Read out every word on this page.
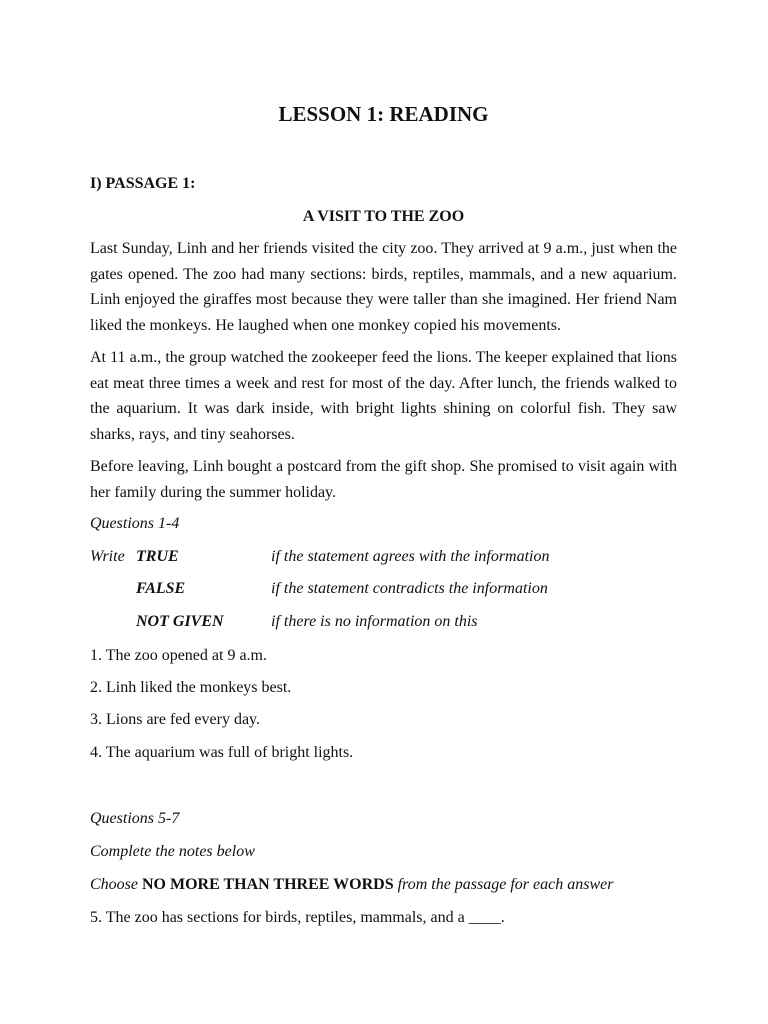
LESSON 1: READING
I) PASSAGE 1:
A VISIT TO THE ZOO
Last Sunday, Linh and her friends visited the city zoo. They arrived at 9 a.m., just when the gates opened. The zoo had many sections: birds, reptiles, mammals, and a new aquarium. Linh enjoyed the giraffes most because they were taller than she imagined. Her friend Nam liked the monkeys. He laughed when one monkey copied his movements.
At 11 a.m., the group watched the zookeeper feed the lions. The keeper explained that lions eat meat three times a week and rest for most of the day. After lunch, the friends walked to the aquarium. It was dark inside, with bright lights shining on colorful fish. They saw sharks, rays, and tiny seahorses.
Before leaving, Linh bought a postcard from the gift shop. She promised to visit again with her family during the summer holiday.
Questions 1-4
Write TRUE	if the statement agrees with the information
FALSE	if the statement contradicts the information
NOT GIVEN	if there is no information on this
1. The zoo opened at 9 a.m.
2. Linh liked the monkeys best.
3. Lions are fed every day.
4. The aquarium was full of bright lights.
Questions 5-7
Complete the notes below
Choose NO MORE THAN THREE WORDS from the passage for each answer
5. The zoo has sections for birds, reptiles, mammals, and a ____.
